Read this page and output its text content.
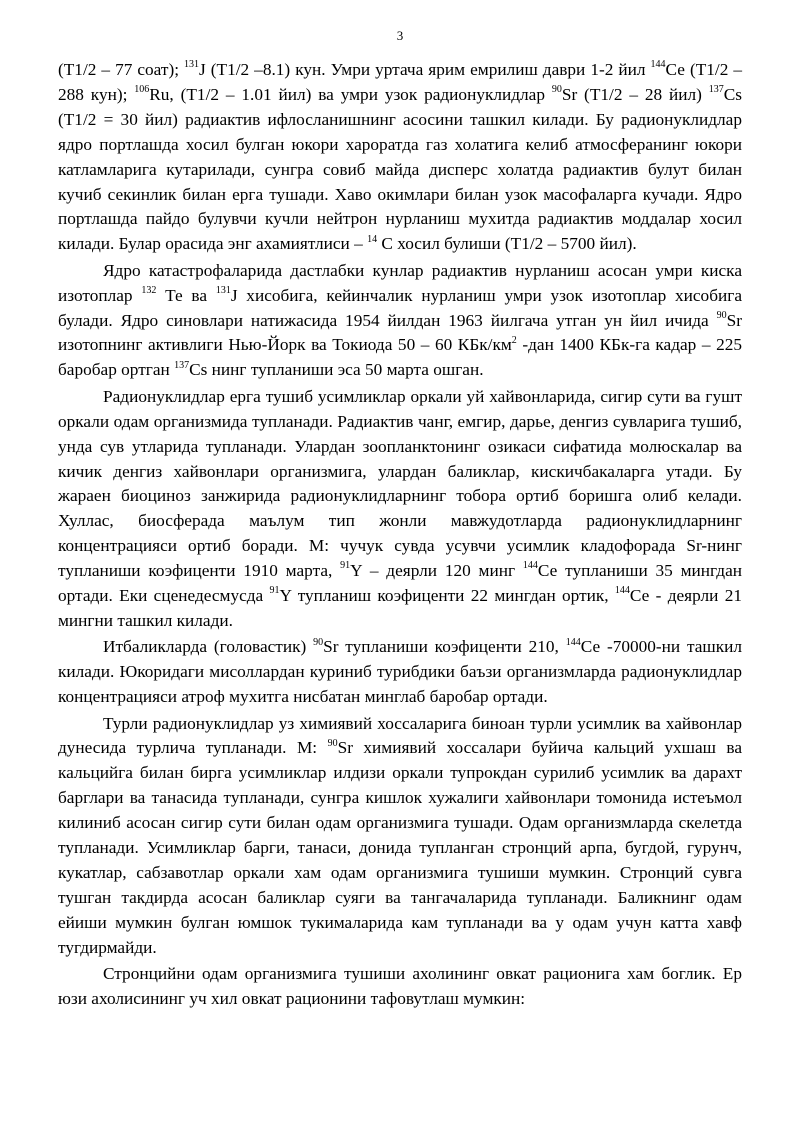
3

(Т1/2 – 77 соат); $^{131}$J (Т1/2 –8.1) кун. Умри уртача ярим емрилиш даври 1-2 йил $^{144}$Се (Т1/2 – 288 кун); $^{106}$Ru, (Т1/2 – 1.01 йил) ва умри узок радионуклидлар $^{90}$Sr (Т1/2 – 28 йил) $^{137}$Cs (Т1/2 = 30 йил) радиактив ифлосланишнинг асосини ташкил килади. Бу радионуклидлар ядро портлашда хосил булган юкори хароратда газ холатига келиб атмосферанинг юкори катламларига кутарилади, сунгра совиб майда дисперс холатда радиактив булут билан кучиб секинлик билан ерга тушади. Хаво окимлари билан узок масофаларга кучади. Ядро портлашда пайдо булувчи кучли нейтрон нурланиш мухитда радиактив моддалар хосил килади. Булар орасида энг ахамиятлиси – $^{14}$ С хосил булиши (Т1/2 – 5700 йил).

Ядро катастрофаларида дастлабки кунлар радиактив нурланиш асосан умри киска изотоплар $^{132}$ Те ва $^{131}$J хисобига, кейинчалик нурланиш умри узок изотоплар хисобига булади. Ядро синовлари натижасида 1954 йилдан 1963 йилгача утган ун йил ичида $^{90}$Sr изотопнинг активлиги Нью-Йорк ва Токиода 50 – 60 КБк/$км^2$ -дан 1400 КБк-га кадар – 225 баробар ортган $^{137}$Cs нинг тупланиши эса 50 марта ошган.

Радионуклидлар ерга тушиб усимликлар оркали уй хайвонларида, сигир сути ва гушт оркали одам организмида тупланади. Радиактив чанг, емгир, дарье, денгиз сувларига тушиб, унда сув утларида тупланади. Улардан зоопланктонинг озикаси сифатида молюскалар ва кичик денгиз хайвонлари организмига, улардан баликлар, кискичбакаларга утади. Бу жараен биоциноз занжирида радионуклидларнинг тобора ортиб боришга олиб келади. Хуллас, биосферада маълум тип жонли мавжудотларда радионуклидларнинг концентрацияси ортиб боради. М: чучук сувда усувчи усимлик кладофорада Sr-нинг тупланиши коэфиценти 1910 марта, $^{91}$Y – деярли 120 минг $^{144}$Се тупланиши 35 мингдан ортади. Еки сценедесмусда $^{91}$Y тупланиш коэфиценти 22 мингдан ортик, $^{144}$Се - деярли 21 мингни ташкил килади.

Итбаликларда (головастик) $^{90}$Sr тупланиши коэфиценти 210, $^{144}$Се -70000-ни ташкил килади. Юкоридаги мисоллардан куриниб турибдики баъзи организмларда радионуклидлар концентрацияси атроф мухитга нисбатан минглаб баробар ортади.

Турли радионуклидлар уз химиявий хоссаларига биноан турли усимлик ва хайвонлар дунесида турлича тупланади. М: $^{90}$Sr химиявий хоссалари буйича кальций ухшаш ва кальцийга билан бирга усимликлар илдизи оркали тупрокдан сурилиб усимлик ва дарахт барглари ва танасида тупланади, сунгра кишлок хужалиги хайвонлари томонида истеъмол килиниб асосан сигир сути билан одам организмига тушади. Одам организмларда скелетда тупланади. Усимликлар барги, танаси, донида тупланган стронций арпа, бугдой, гурунч, кукатлар, сабзавотлар оркали хам одам организмига тушиши мумкин. Стронций сувга тушган такдирда асосан баликлар суяги ва тангачаларида тупланади. Баликнинг одам ейиши мумкин булган юмшок тукималарида кам тупланади ва у одам учун катта хавф тугдирмайди.

Стронцийни одам организмига тушиши ахолининг овкат рационига хам боглик. Ер юзи ахолисининг уч хил овкат рационини тафовутлаш мумкин:
